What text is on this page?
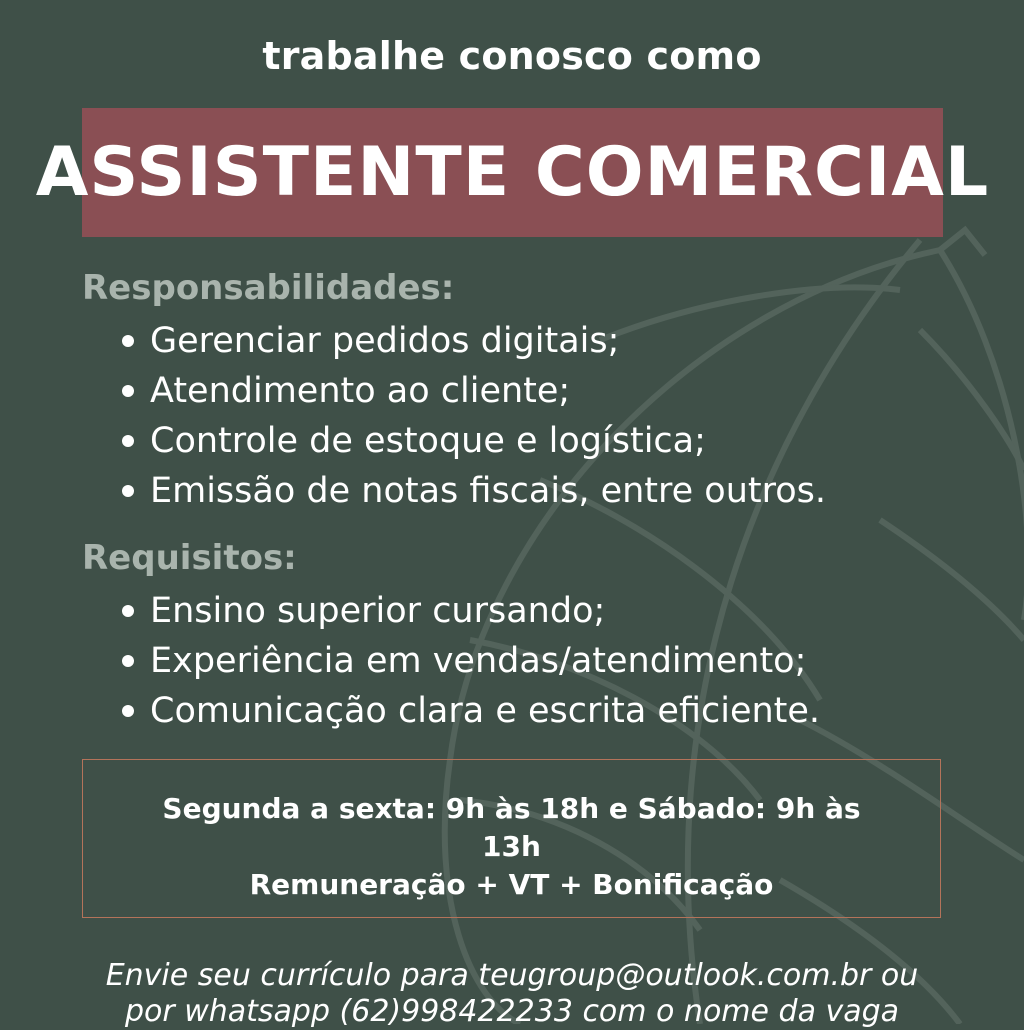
trabalhe conosco como
ASSISTENTE COMERCIAL
Responsabilidades:
Gerenciar pedidos digitais;
Atendimento ao cliente;
Controle de estoque e logística;
Emissão de notas fiscais, entre outros.
Requisitos:
Ensino superior cursando;
Experiência em vendas/atendimento;
Comunicação clara e escrita eficiente.
Segunda a sexta: 9h às 18h e Sábado: 9h às 13h
Remuneração + VT + Bonificação
Envie seu currículo para teugroup@outlook.com.br ou
por whatsapp (62)998422233 com o nome da vaga
